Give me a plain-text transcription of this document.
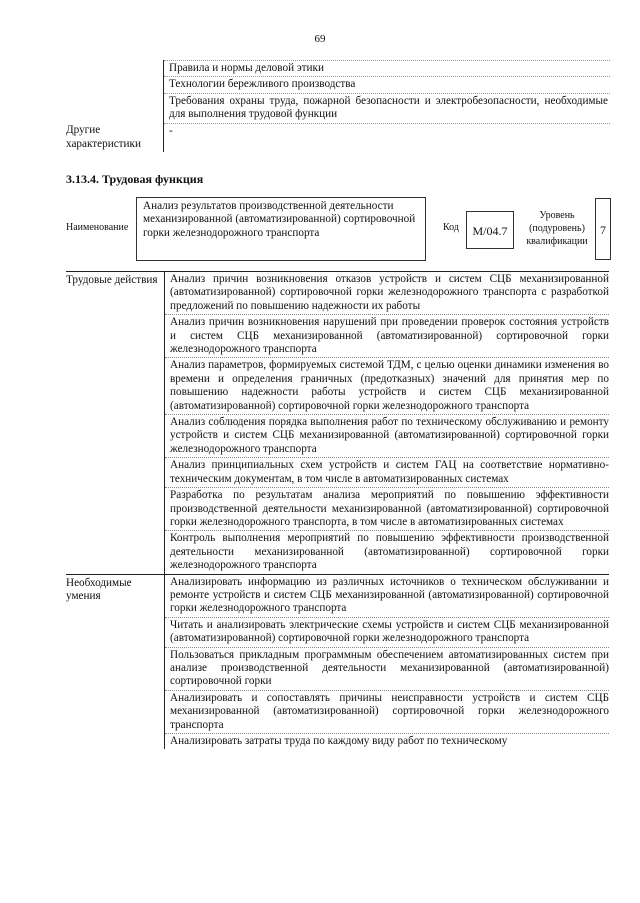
69
	Правила и нормы деловой этики
	Технологии бережливого производства
	Требования охраны труда, пожарной безопасности и электробезопасности, необходимые для выполнения трудовой функции
Другие характеристики	-
3.13.4. Трудовая функция
Наименование
Анализ результатов производственной деятельности механизированной (автоматизированной) сортировочной горки железнодорожного транспорта	Код	M/04.7
Уровень (подуровень) квалификации
7
Трудовые действия	Анализ причин возникновения отказов устройств и систем СЦБ механизированной (автоматизированной) сортировочной горки железнодорожного транспорта с разработкой предложений по повышению надежности их работы
	Анализ причин возникновения нарушений при проведении проверок состояния устройств и систем СЦБ механизированной (автоматизированной) сортировочной горки железнодорожного транспорта
	Анализ параметров, формируемых системой ТДМ, с целью оценки динамики изменения во времени и определения граничных (предотказных) значений для принятия мер по повышению надежности работы устройств и систем СЦБ механизированной (автоматизированной) сортировочной горки железнодорожного транспорта
	Анализ соблюдения порядка выполнения работ по техническому обслуживанию и ремонту устройств и систем СЦБ механизированной (автоматизированной) сортировочной горки железнодорожного транспорта
	Анализ принципиальных схем устройств и систем ГАЦ на соответствие нормативно-техническим документам, в том числе в автоматизированных системах
	Разработка по результатам анализа мероприятий по повышению эффективности производственной деятельности механизированной (автоматизированной) сортировочной горки железнодорожного транспорта, в том числе в автоматизированных системах
	Контроль выполнения мероприятий по повышению эффективности производственной деятельности механизированной (автоматизированной) сортировочной горки железнодорожного транспорта
Необходимые умения	Анализировать информацию из различных источников о техническом обслуживании и ремонте устройств и систем СЦБ механизированной (автоматизированной) сортировочной горки железнодорожного транспорта
	Читать и анализировать электрические схемы устройств и систем СЦБ механизированной (автоматизированной) сортировочной горки железнодорожного транспорта
	Пользоваться прикладным программным обеспечением автоматизированных систем при анализе производственной деятельности механизированной (автоматизированной) сортировочной горки
	Анализировать и сопоставлять причины неисправности устройств и систем СЦБ механизированной (автоматизированной) сортировочной горки железнодорожного транспорта
	Анализировать затраты труда по каждому виду работ по техническому
